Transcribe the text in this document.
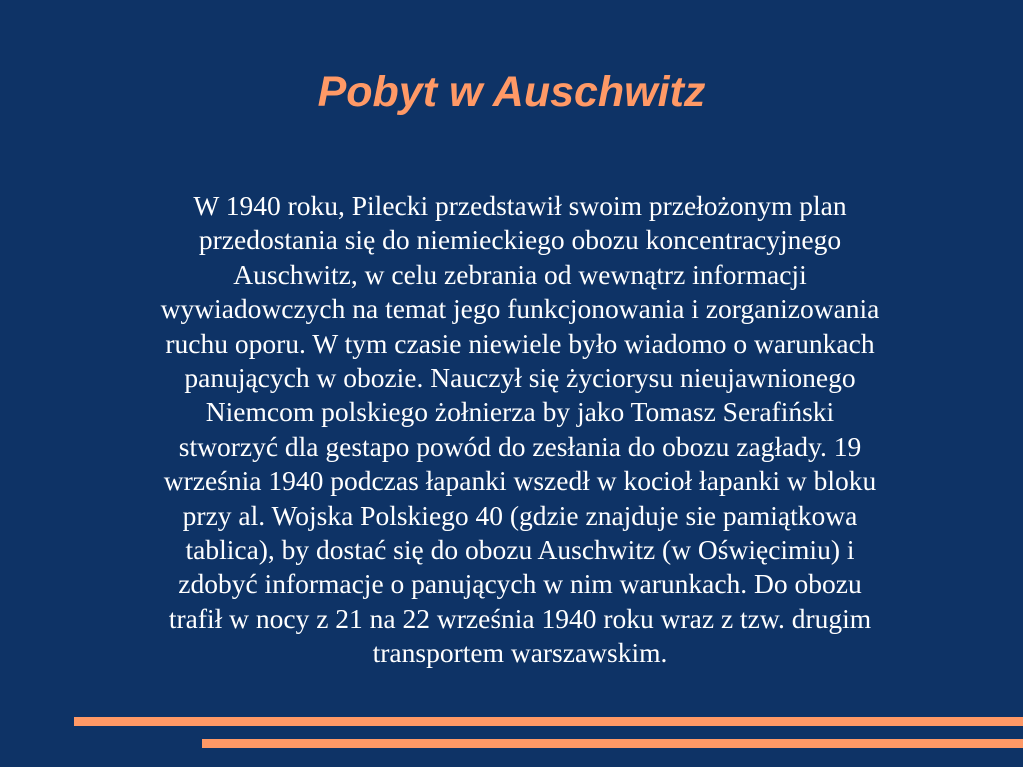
Pobyt w Auschwitz

W 1940 roku, Pilecki przedstawił swoim przełożonym plan
przedostania się do niemieckiego obozu koncentracyjnego
Auschwitz, w celu zebrania od wewnątrz informacji
wywiadowczych na temat jego funkcjonowania i zorganizowania
ruchu oporu. W tym czasie niewiele było wiadomo o warunkach
panujących w obozie. Nauczył się życiorysu nieujawnionego
Niemcom polskiego żołnierza by jako Tomasz Serafiński
stworzyć dla gestapo powód do zesłania do obozu zagłady. 19
września 1940 podczas łapanki wszedł w kocioł łapanki w bloku
przy al. Wojska Polskiego 40 (gdzie znajduje sie pamiątkowa
tablica), by dostać się do obozu Auschwitz (w Oświęcimiu) i
zdobyć informacje o panujących w nim warunkach. Do obozu
trafił w nocy z 21 na 22 września 1940 roku wraz z tzw. drugim
transportem warszawskim.
